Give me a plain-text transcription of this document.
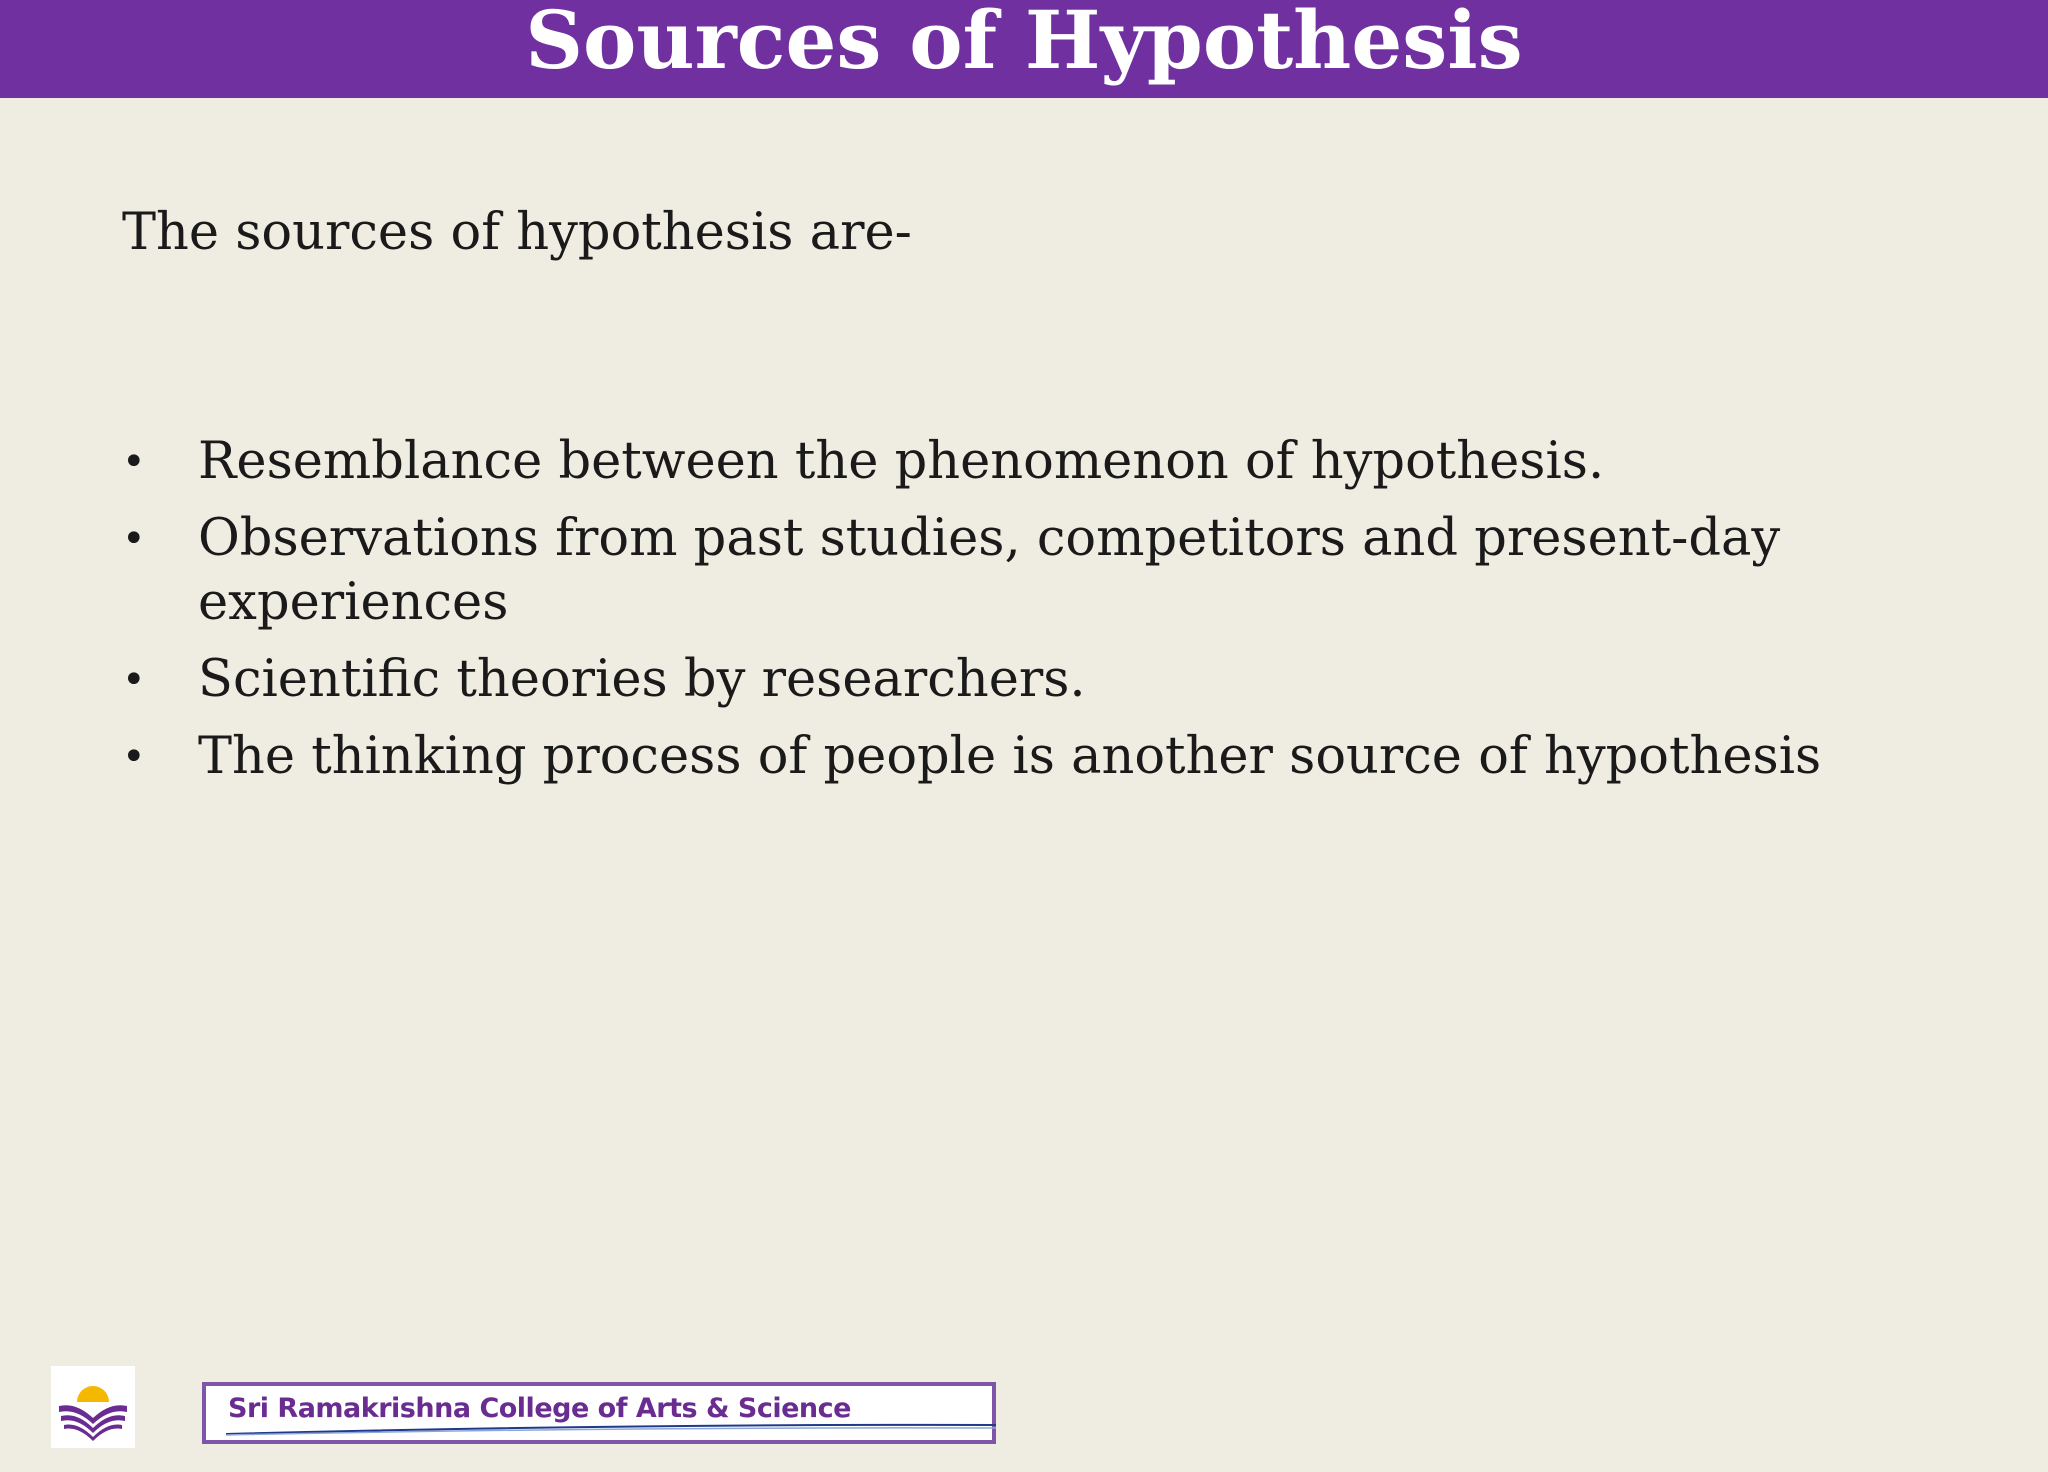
Sources of Hypothesis

The sources of hypothesis are-

• Resemblance between the phenomenon of hypothesis.
• Observations from past studies, competitors and present-day experiences
• Scientific theories by researchers.
• The thinking process of people is another source of hypothesis
Sri Ramakrishna College of Arts & Science
